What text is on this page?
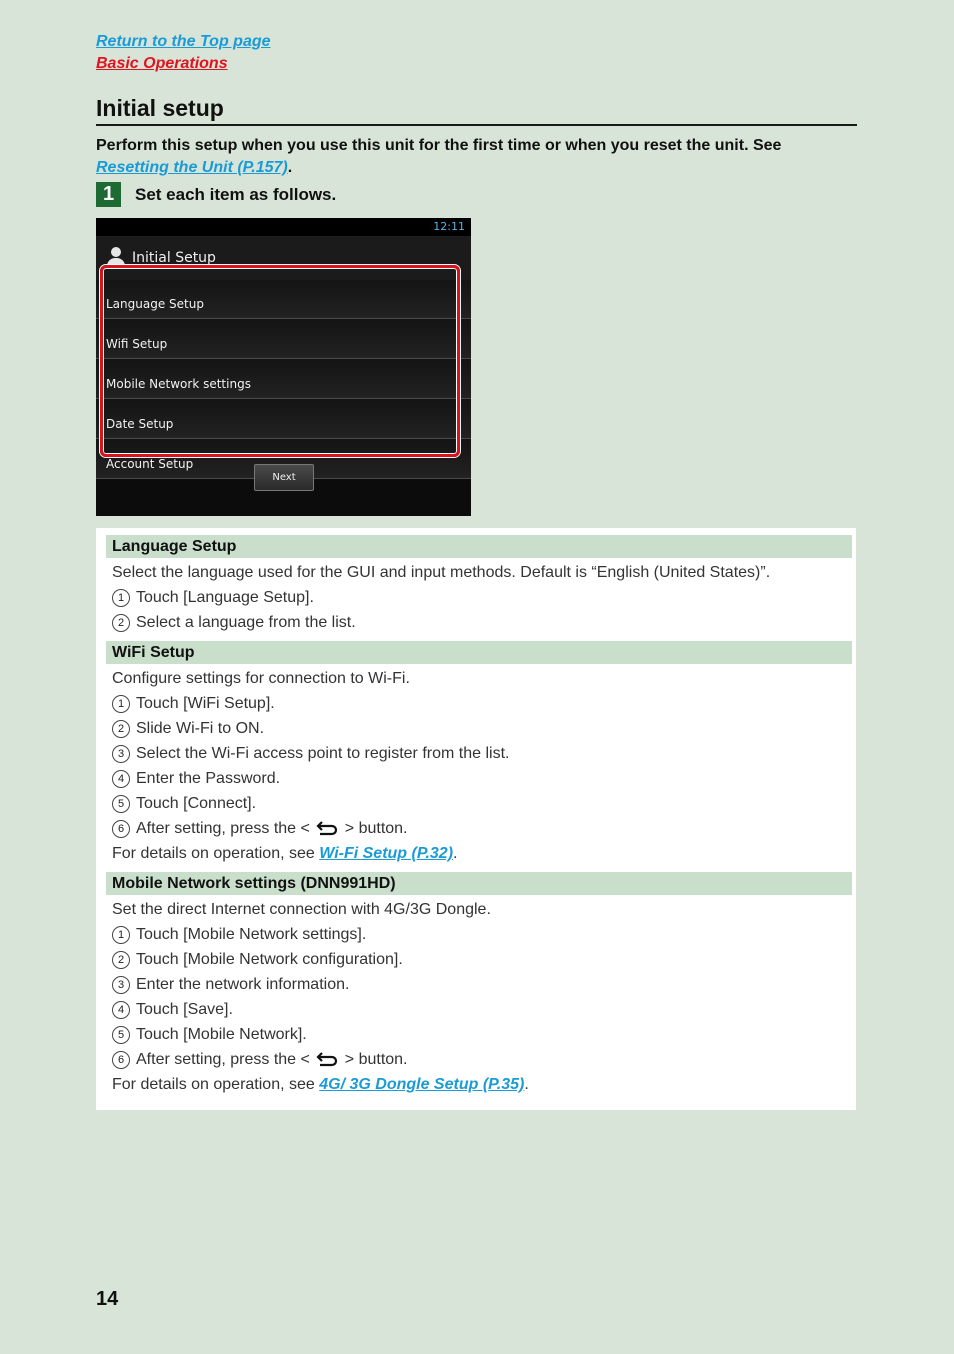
Return to the Top page
Basic Operations
Initial setup
Perform this setup when you use this unit for the first time or when you reset the unit. See
Resetting the Unit (P.157).
1	Set each item as follows.
12:11
Initial Setup
Language Setup
Wifi Setup
Mobile Network settings
Date Setup
Account Setup
Next
Language Setup
Select the language used for the GUI and input methods. Default is “English (United States)”.
1 Touch [Language Setup].
2 Select a language from the list.
WiFi Setup
Configure settings for connection to Wi-Fi.
1 Touch [WiFi Setup].
2 Slide Wi-Fi to ON.
3 Select the Wi-Fi access point to register from the list.
4 Enter the Password.
5 Touch [Connect].
6 After setting, press the < > button.
For details on operation, see Wi-Fi Setup (P.32).
Mobile Network settings (DNN991HD)
Set the direct Internet connection with 4G/3G Dongle.
1 Touch [Mobile Network settings].
2 Touch [Mobile Network configuration].
3 Enter the network information.
4 Touch [Save].
5 Touch [Mobile Network].
6 After setting, press the < > button.
For details on operation, see 4G/ 3G Dongle Setup (P.35).
14
